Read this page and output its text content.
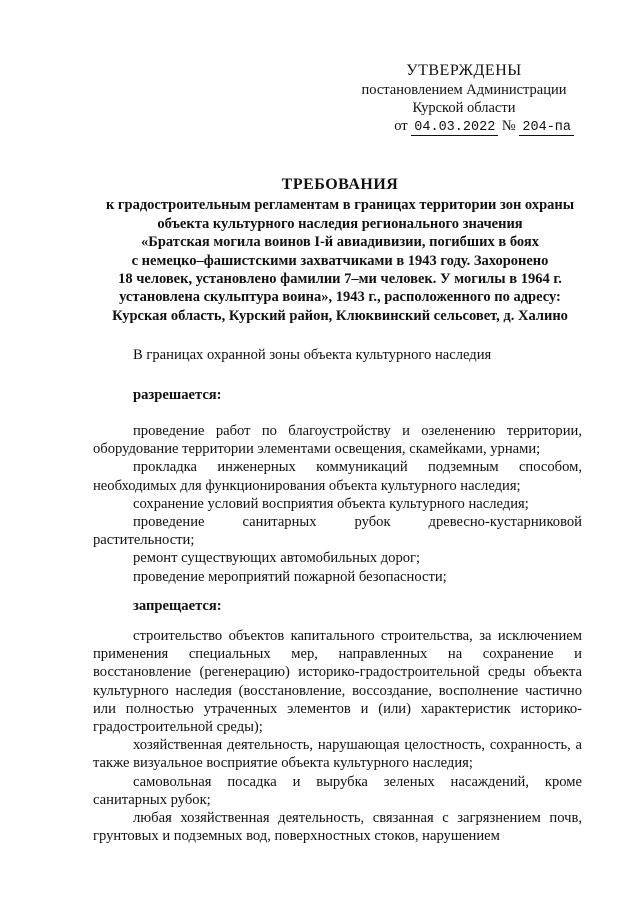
УТВЕРЖДЕНЫ
постановлением Администрации
Курской области
от 04.03.2022 № 204-па
ТРЕБОВАНИЯ
к градостроительным регламентам в границах территории зон охраны
объекта культурного наследия регионального значения
«Братская могила воинов I-й авиадивизии, погибших в боях
с немецко–фашистскими захватчиками в 1943 году. Захоронено
18 человек, установлено фамилии 7–ми человек. У могилы в 1964 г.
установлена скульптура воина», 1943 г., расположенного по адресу:
Курская область, Курский район, Клюквинский сельсовет, д. Халино
В границах охранной зоны объекта культурного наследия
разрешается:

проведение работ по благоустройству и озеленению территории, оборудование территории элементами освещения, скамейками, урнами;

прокладка инженерных коммуникаций подземным способом, необходимых для функционирования объекта культурного наследия;

сохранение условий восприятия объекта культурного наследия;

проведение санитарных рубок древесно-кустарниковой растительности;

ремонт существующих автомобильных дорог;

проведение мероприятий пожарной безопасности;

запрещается:

строительство объектов капитального строительства, за исключением применения специальных мер, направленных на сохранение и восстановление (регенерацию) историко-градостроительной среды объекта культурного наследия (восстановление, воссоздание, восполнение частично или полностью утраченных элементов и (или) характеристик историко-градостроительной среды);

хозяйственная деятельность, нарушающая целостность, сохранность, а также визуальное восприятие объекта культурного наследия;

самовольная посадка и вырубка зеленых насаждений, кроме санитарных рубок;

любая хозяйственная деятельность, связанная с загрязнением почв, грунтовых и подземных вод, поверхностных стоков, нарушением
